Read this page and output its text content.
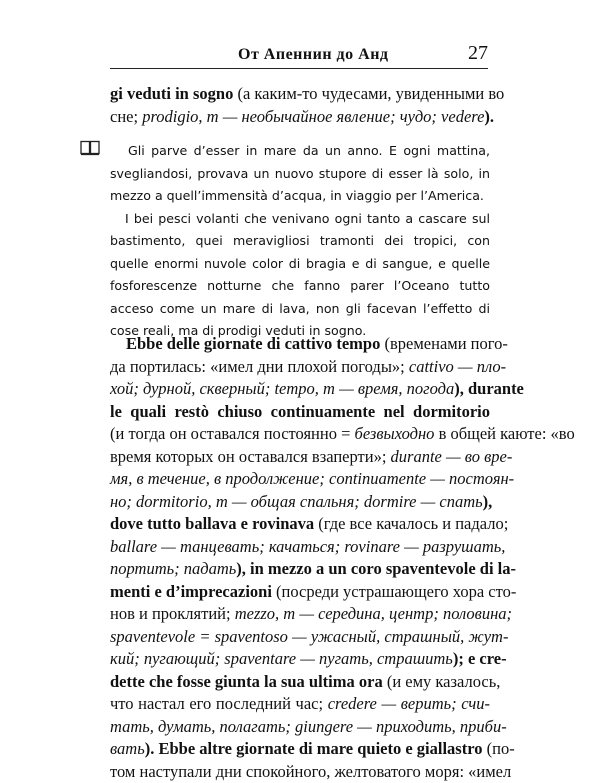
От Апеннин до Анд	27
gi veduti in sogno (а каким-то чудесами, увиденными во
сне; prodigio, m — необычайное явление; чудо; vedere).

Gli parve d’esser in mare da un anno. E ogni mattina, svegliandosi, provava un nuovo stupore di esser là solo, in mezzo a quell’immensità d’acqua, in viaggio per l’America.

I bei pesci volanti che venivano ogni tanto a cascare sul bastimento, quei meravigliosi tramonti dei tropici, con quelle enormi nuvole color di bragia e di sangue, e quelle fosforescenze notturne che fanno parer l’Oceano tutto acceso come un mare di lava, non gli facevan l’effetto di cose reali, ma di prodigi veduti in sogno.

Ebbe delle giornate di cattivo tempo (временами пого-
да портилась: «имел дни плохой погоды»; cattivo — пло-
хой; дурной, скверный; tempo, m — время, погода), durante
le quali restò chiuso continuamente nel dormitorio
(и тогда он оставался постоянно = безвыходно в общей каюте: «во
время которых он оставался взаперти»; durante — во вре-
мя, в течение, в продолжение; continuamente — постоян-
но; dormitorio, m — общая спальня; dormire — спать),
dove tutto ballava e rovinava (где все качалось и падало;
ballare — танцевать; качаться; rovinare — разрушать,
портить; падать), in mezzo a un coro spaventevole di la-
menti e d’imprecazioni (посреди устрашающего хора сто-
нов и проклятий; mezzo, m — середина, центр; половина;
spaventevole = spaventoso — ужасный, страшный, жут-
кий; пугающий; spaventare — пугать, страшить); e cre-
dette che fosse giunta la sua ultima ora (и ему казалось,
что настал его последний час; credere — верить; счи-
тать, думать, полагать; giungere — приходить, приби-
вать). Ebbe altre giornate di mare quieto e giallastro (по-
том наступали дни спокойного, желтоватого моря: «имел
